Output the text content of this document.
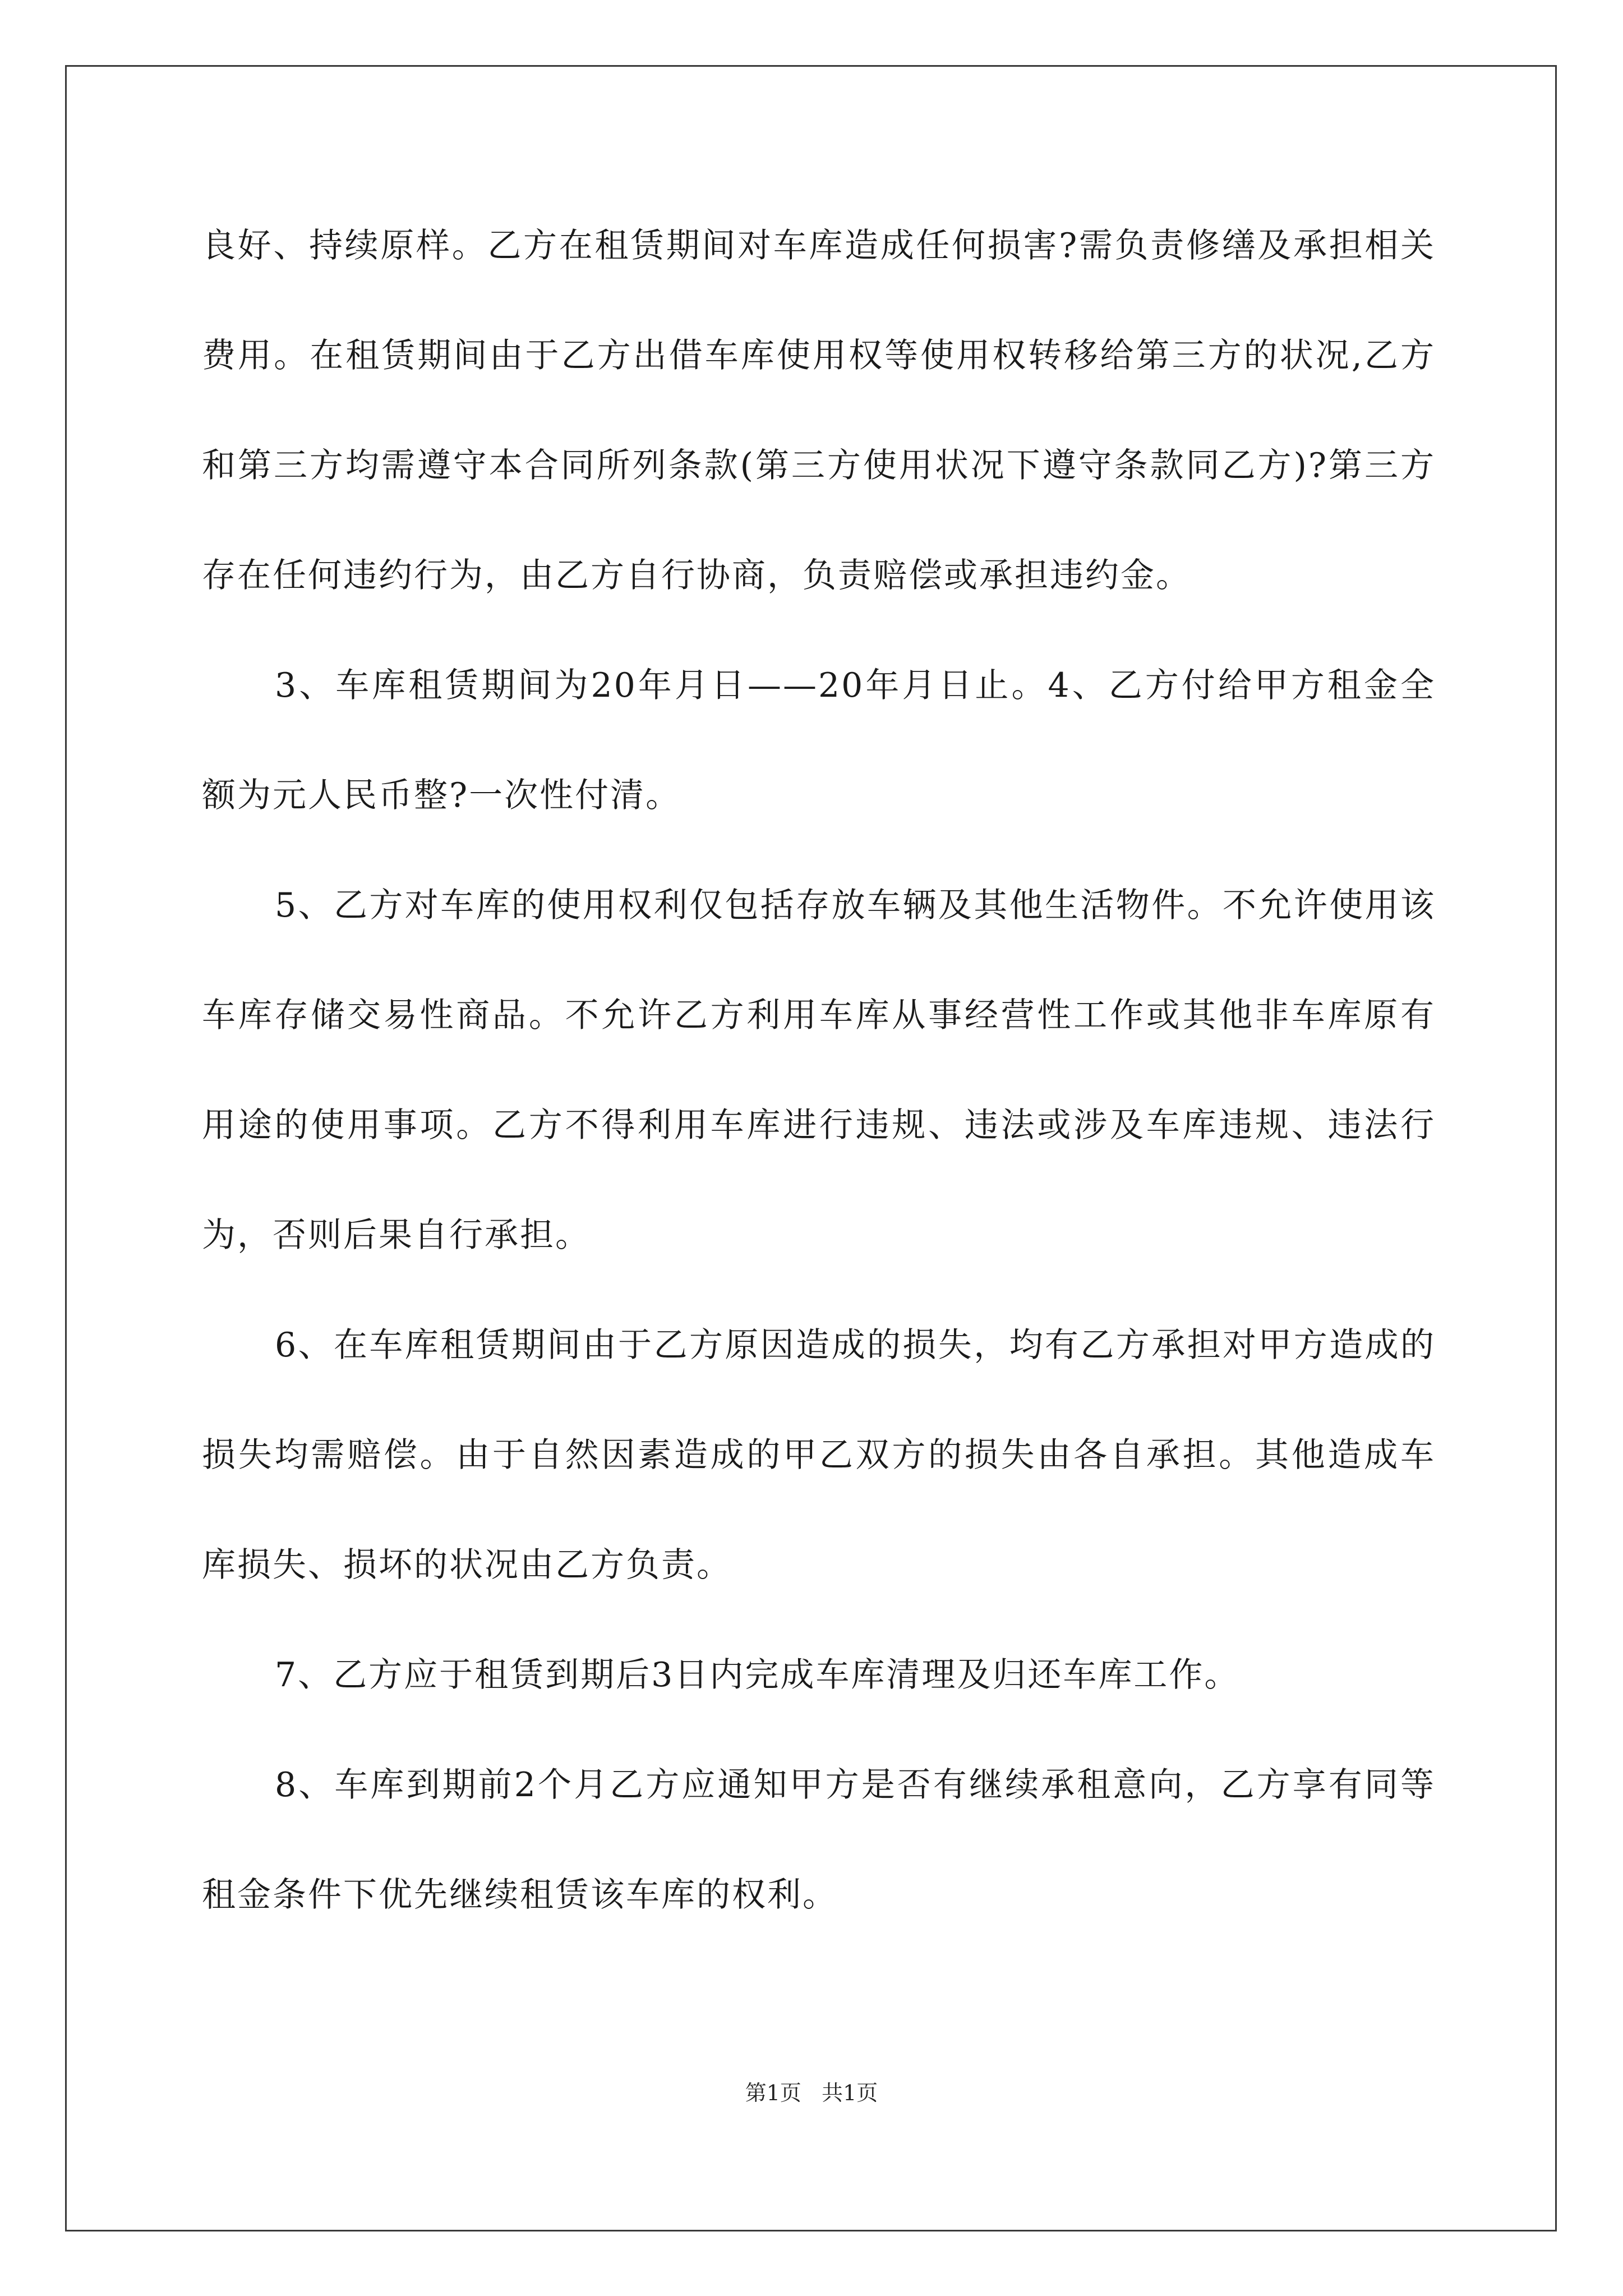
良好、持续原样。乙方在租赁期间对车库造成任何损害?需负责修缮及承担相关费用。在租赁期间由于乙方出借车库使用权等使用权转移给第三方的状况,乙方和第三方均需遵守本合同所列条款(第三方使用状况下遵守条款同乙方)?第三方存在任何违约行为，由乙方自行协商，负责赔偿或承担违约金。

3、车库租赁期间为20年月日——20年月日止。4、乙方付给甲方租金全额为元人民币整?一次性付清。

5、乙方对车库的使用权利仅包括存放车辆及其他生活物件。不允许使用该车库存储交易性商品。不允许乙方利用车库从事经营性工作或其他非车库原有用途的使用事项。乙方不得利用车库进行违规、违法或涉及车库违规、违法行为，否则后果自行承担。

6、在车库租赁期间由于乙方原因造成的损失，均有乙方承担对甲方造成的损失均需赔偿。由于自然因素造成的甲乙双方的损失由各自承担。其他造成车库损失、损坏的状况由乙方负责。

7、乙方应于租赁到期后3日内完成车库清理及归还车库工作。

8、车库到期前2个月乙方应通知甲方是否有继续承租意向，乙方享有同等租金条件下优先继续租赁该车库的权利。

第1页 共1页
